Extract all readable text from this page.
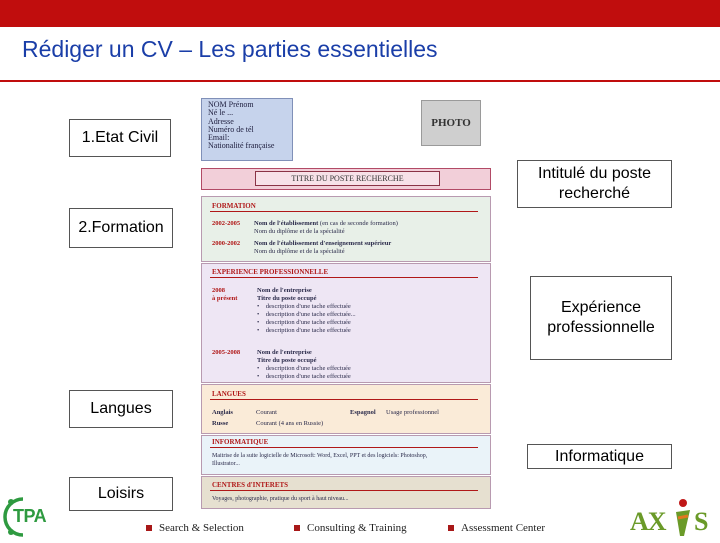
Rédiger un CV – Les parties essentielles
NOM Prénom
Né le ...
Adresse
Numéro de tél
Email:
Nationalité française
PHOTO
TITRE DU POSTE RECHERCHE
FORMATION
2002-2005 Nom de l'établissement (en cas de seconde formation)
Nom du diplôme et de la spécialité
2000-2002 Nom de l'établissement d'enseignement supérieur
Nom du diplôme et de la spécialité
EXPERIENCE PROFESSIONNELLE
2008
à présent
Nom de l'entreprise
Titre du poste occupé
•    description d'une tache effectuée
•    description d'une tache effectuée...
•    description d'une tache effectuée
•    description d'une tache effectuée
2005-2008	Nom de l'entreprise
Titre du poste occupé
•    description d'une tache effectuée
•    description d'une tache effectuée
LANGUES
Anglais	Courant	Espagnol Usage professionnel
Russe	Courant (4 ans en Russie)
INFORMATIQUE
Maitrise de la suite logicielle de Microsoft: Word, Excel, PPT et des logiciels: Photoshop,
Illustrator...
CENTRES d'INTERETS
Voyages, photographie, pratique du sport à haut niveau...
1.Etat Civil
2.Formation
Intitulé du poste recherché
Expérience professionnelle
Langues
Informatique
Loisirs
Search & Selection	Consulting & Training	Assessment Center
TPA	AX S
